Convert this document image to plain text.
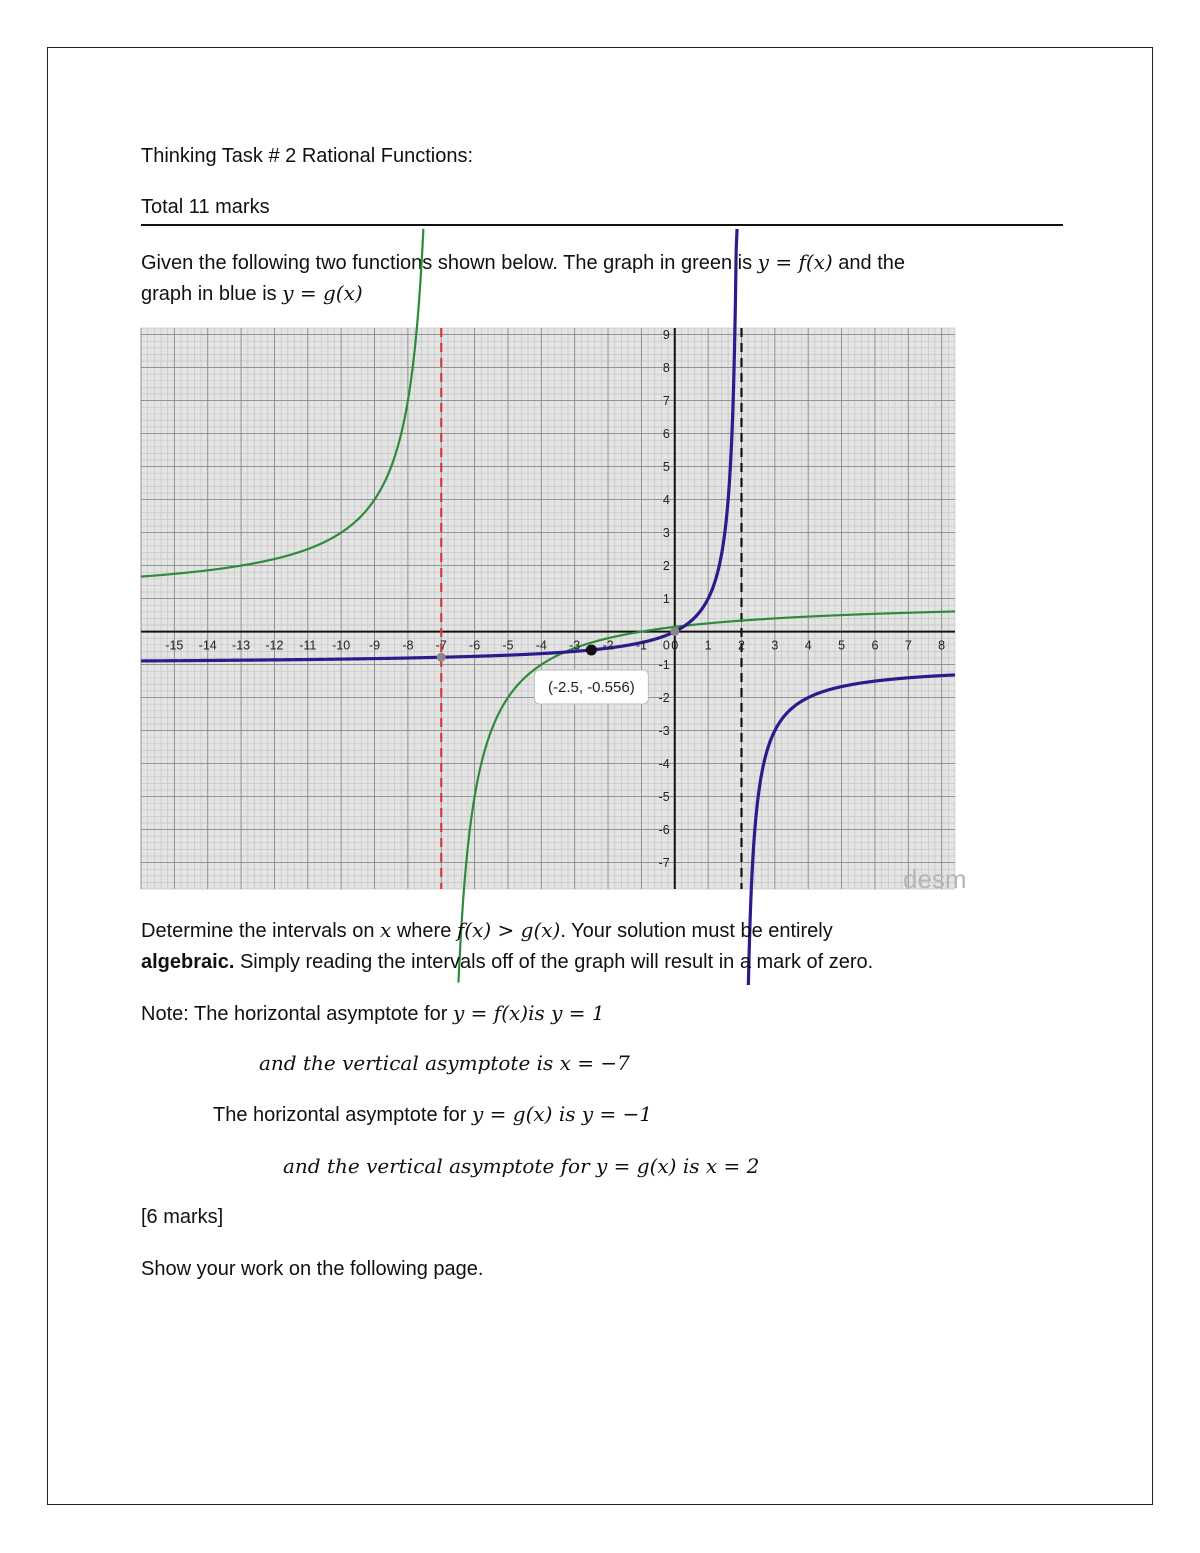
Thinking Task # 2 Rational Functions:
Total 11 marks
Given the following two functions shown below. The graph in green is y = f(x) and the
graph in blue is y = g(x)
-15 -14 -13 -12 -11 -10 -9 -8 -7 -6 -5 -4 -3 -2 -1 0 1 2 3 4 5 6 7 8
-7
-6
-5
-4
-3
-2
-1
1
2
3
4
5
6
7
8
9
0
(-2.5, -0.556)
desm
Determine the intervals on x where f(x) > g(x). Your solution must be entirely
algebraic. Simply reading the intervals off of the graph will result in a mark of zero.
Note: The horizontal asymptote for y = f(x)is y = 1
and the vertical asymptote is x = −7
The horizontal asymptote for y = g(x) is y = −1
and the vertical asymptote for y = g(x) is x = 2
[6 marks]
Show your work on the following page.
